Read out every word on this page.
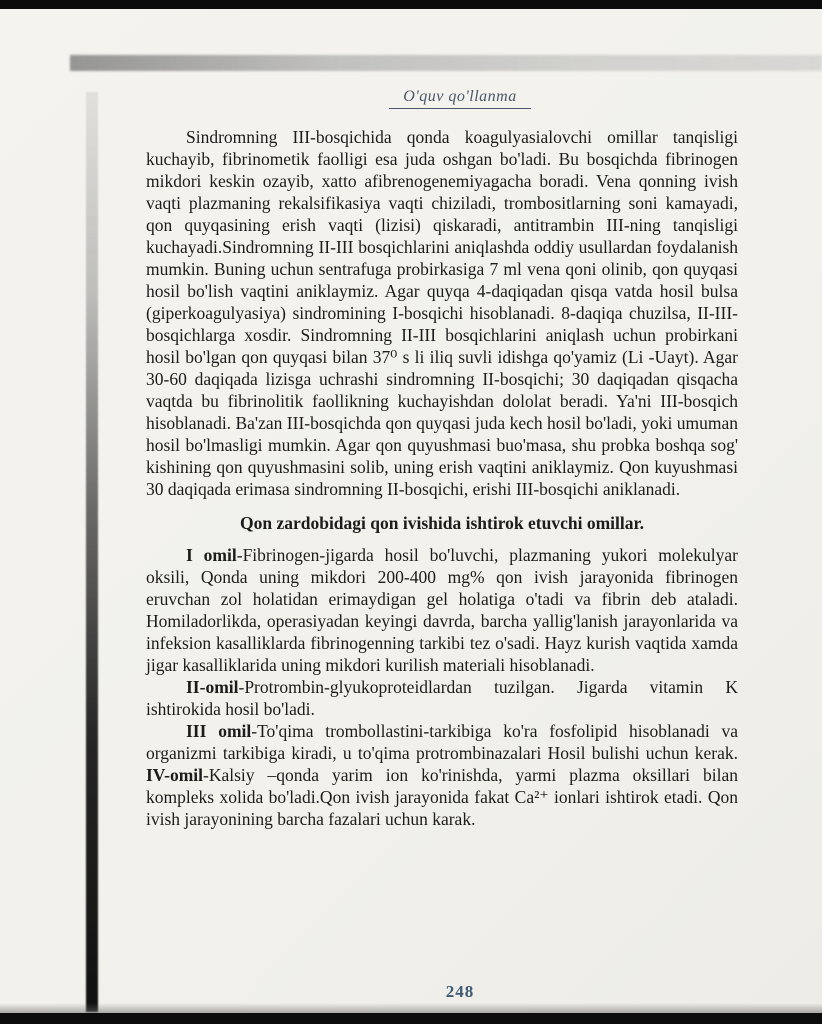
O'quv qo'llanma

Sindromning III-bosqichida qonda koagulyasialovchi omillar tanqisligi kuchayib, fibrinometik faolligi esa juda oshgan bo'ladi. Bu bosqichda fibrinogen mikdori keskin ozayib, xatto afibrenogenemiyagacha boradi. Vena qonning ivish vaqti plazmaning rekalsifikasiya vaqti chiziladi, trombositlarning soni kamayadi, qon quyqasining erish vaqti (lizisi) qiskaradi, antitrambin III-ning tanqisligi kuchayadi.Sindromning II-III bosqichlarini aniqlashda oddiy usullardan foydalanish mumkin. Buning uchun sentrafuga probirkasiga 7 ml vena qoni olinib, qon quyqasi hosil bo'lish vaqtini aniklaymiz. Agar quyqa 4-daqiqadan qisqa vatda hosil bulsa (giperkoagulyasiya) sindromining I-bosqichi hisoblanadi. 8-daqiqa chuzilsa, II-III-bosqichlarga xosdir. Sindromning II-III bosqichlarini aniqlash uchun probirkani hosil bo'lgan qon quyqasi bilan 37⁰ s li iliq suvli idishga qo'yamiz (Li -Uayt). Agar 30-60 daqiqada lizisga uchrashi sindromning II-bosqichi; 30 daqiqadan qisqacha vaqtda bu fibrinolitik faollikning kuchayishdan dololat beradi. Ya'ni III-bosqich hisoblanadi. Ba'zan III-bosqichda qon quyqasi juda kech hosil bo'ladi, yoki umuman hosil bo'lmasligi mumkin. Agar qon quyushmasi buo'masa, shu probka boshqa sog' kishining qon quyushmasini solib, uning erish vaqtini aniklaymiz. Qon kuyushmasi 30 daqiqada erimasa sindromning II-bosqichi, erishi III-bosqichi aniklanadi.

Qon zardobidagi qon ivishida ishtirok etuvchi omillar.

I omil-Fibrinogen-jigarda hosil bo'luvchi, plazmaning yukori molekulyar oksili, Qonda uning mikdori 200-400 mg% qon ivish jarayonida fibrinogen eruvchan zol holatidan erimaydigan gel holatiga o'tadi va fibrin deb ataladi. Homiladorlikda, operasiyadan keyingi davrda, barcha yallig'lanish jarayonlarida va infeksion kasalliklarda fibrinogenning tarkibi tez o'sadi. Hayz kurish vaqtida xamda jigar kasalliklarida uning mikdori kurilish materiali hisoblanadi.

II-omil-Protrombin-glyukoproteidlardan tuzilgan. Jigarda vitamin K ishtirokida hosil bo'ladi.

III omil-To'qima trombollastini-tarkibiga ko'ra fosfolipid hisoblanadi va organizmi tarkibiga kiradi, u to'qima protrombinazalari Hosil bulishi uchun kerak. IV-omil-Kalsiy –qonda yarim ion ko'rinishda, yarmi plazma oksillari bilan kompleks xolida bo'ladi.Qon ivish jarayonida fakat Ca²⁺ ionlari ishtirok etadi. Qon ivish jarayonining barcha fazalari uchun karak.

248
